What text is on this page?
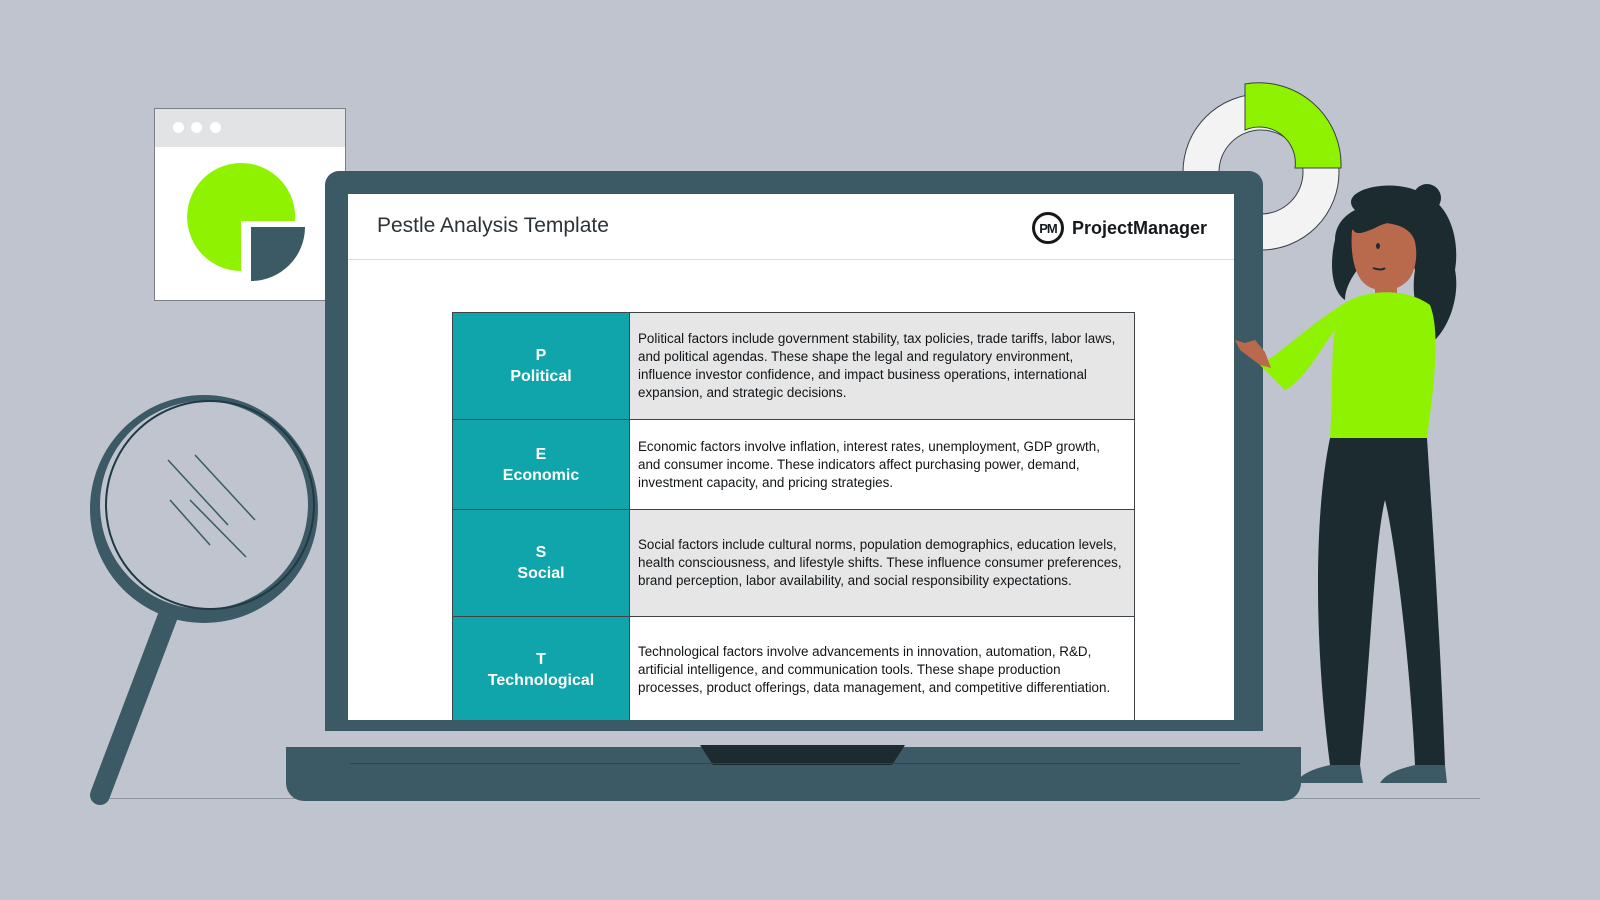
Pestle Analysis Template	PM ProjectManager
P
Political	Political factors include government stability, tax policies, trade tariffs, labor laws, and political agendas. These shape the legal and regulatory environment, influence investor confidence, and impact business operations, international expansion, and strategic decisions.

E
Economic	Economic factors involve inflation, interest rates, unemployment, GDP growth, and consumer income. These indicators affect purchasing power, demand, investment capacity, and pricing strategies.

S
Social	Social factors include cultural norms, population demographics, education levels, health consciousness, and lifestyle shifts. These influence consumer preferences, brand perception, labor availability, and social responsibility expectations.

T
Technological	Technological factors involve advancements in innovation, automation, R&D, artificial intelligence, and communication tools. These shape production processes, product offerings, data management, and competitive differentiation.
